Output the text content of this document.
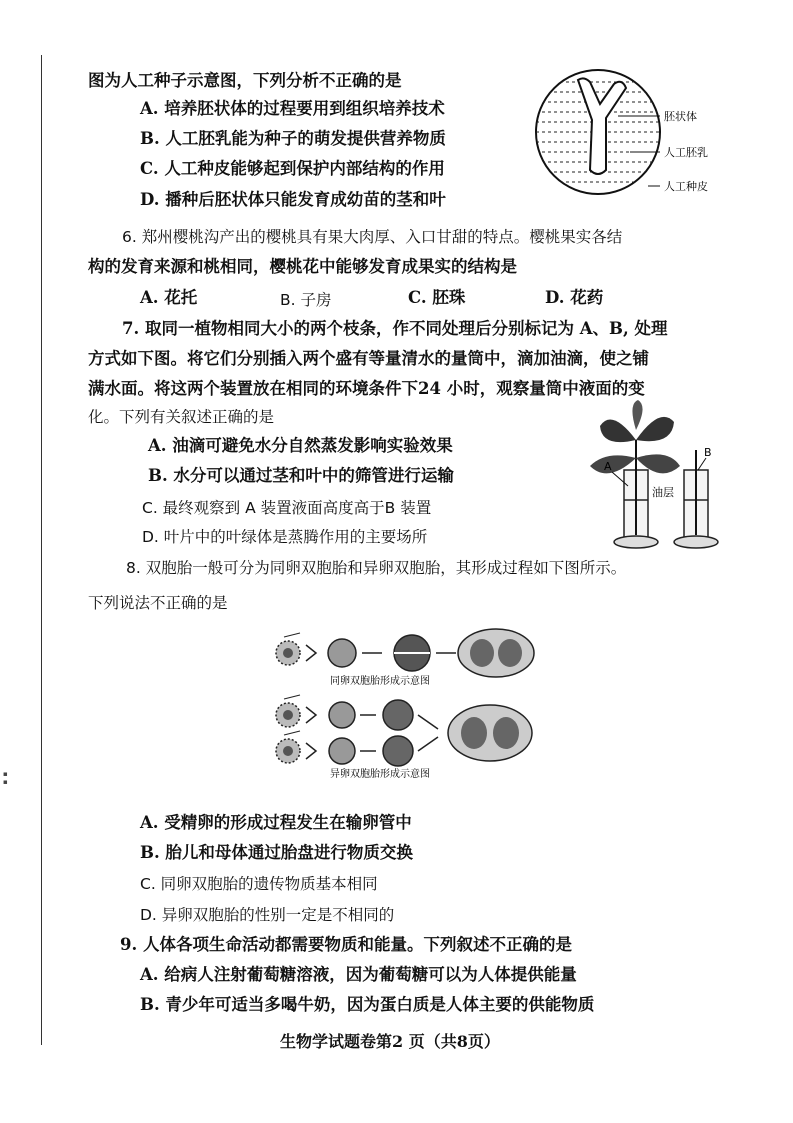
▪
▪
图为人工种子示意图，下列分析不正确的是
A. 培养胚状体的过程要用到组织培养技术
B. 人工胚乳能为种子的萌发提供营养物质
C. 人工种皮能够起到保护内部结构的作用
D. 播种后胚状体只能发育成幼苗的茎和叶
胚状体
人工胚乳
人工种皮
6. 郑州樱桃沟产出的樱桃具有果大肉厚、入口甘甜的特点。樱桃果实各结
构的发育来源和桃相同，樱桃花中能够发育成果实的结构是
A. 花托	B. 子房	C. 胚珠	D. 花药
7. 取同一植物相同大小的两个枝条，作不同处理后分别标记为 A、B, 处理
方式如下图。将它们分别插入两个盛有等量清水的量筒中，滴加油滴，使之铺
满水面。将这两个装置放在相同的环境条件下24 小时，观察量筒中液面的变
化。下列有关叙述正确的是
A. 油滴可避免水分自然蒸发影响实验效果
B. 水分可以通过茎和叶中的筛管进行运输
C. 最终观察到 A 装置液面高度高于B 装置
D. 叶片中的叶绿体是蒸腾作用的主要场所
A
B
油层
8. 双胞胎一般可分为同卵双胞胎和异卵双胞胎，其形成过程如下图所示。
下列说法不正确的是
同卵双胞胎形成示意图
异卵双胞胎形成示意图
A. 受精卵的形成过程发生在输卵管中
B. 胎儿和母体通过胎盘进行物质交换
C. 同卵双胞胎的遗传物质基本相同
D. 异卵双胞胎的性别一定是不相同的
9. 人体各项生命活动都需要物质和能量。下列叙述不正确的是
A. 给病人注射葡萄糖溶液，因为葡萄糖可以为人体提供能量
B. 青少年可适当多喝牛奶，因为蛋白质是人体主要的供能物质
生物学试题卷第2 页（共8页）
